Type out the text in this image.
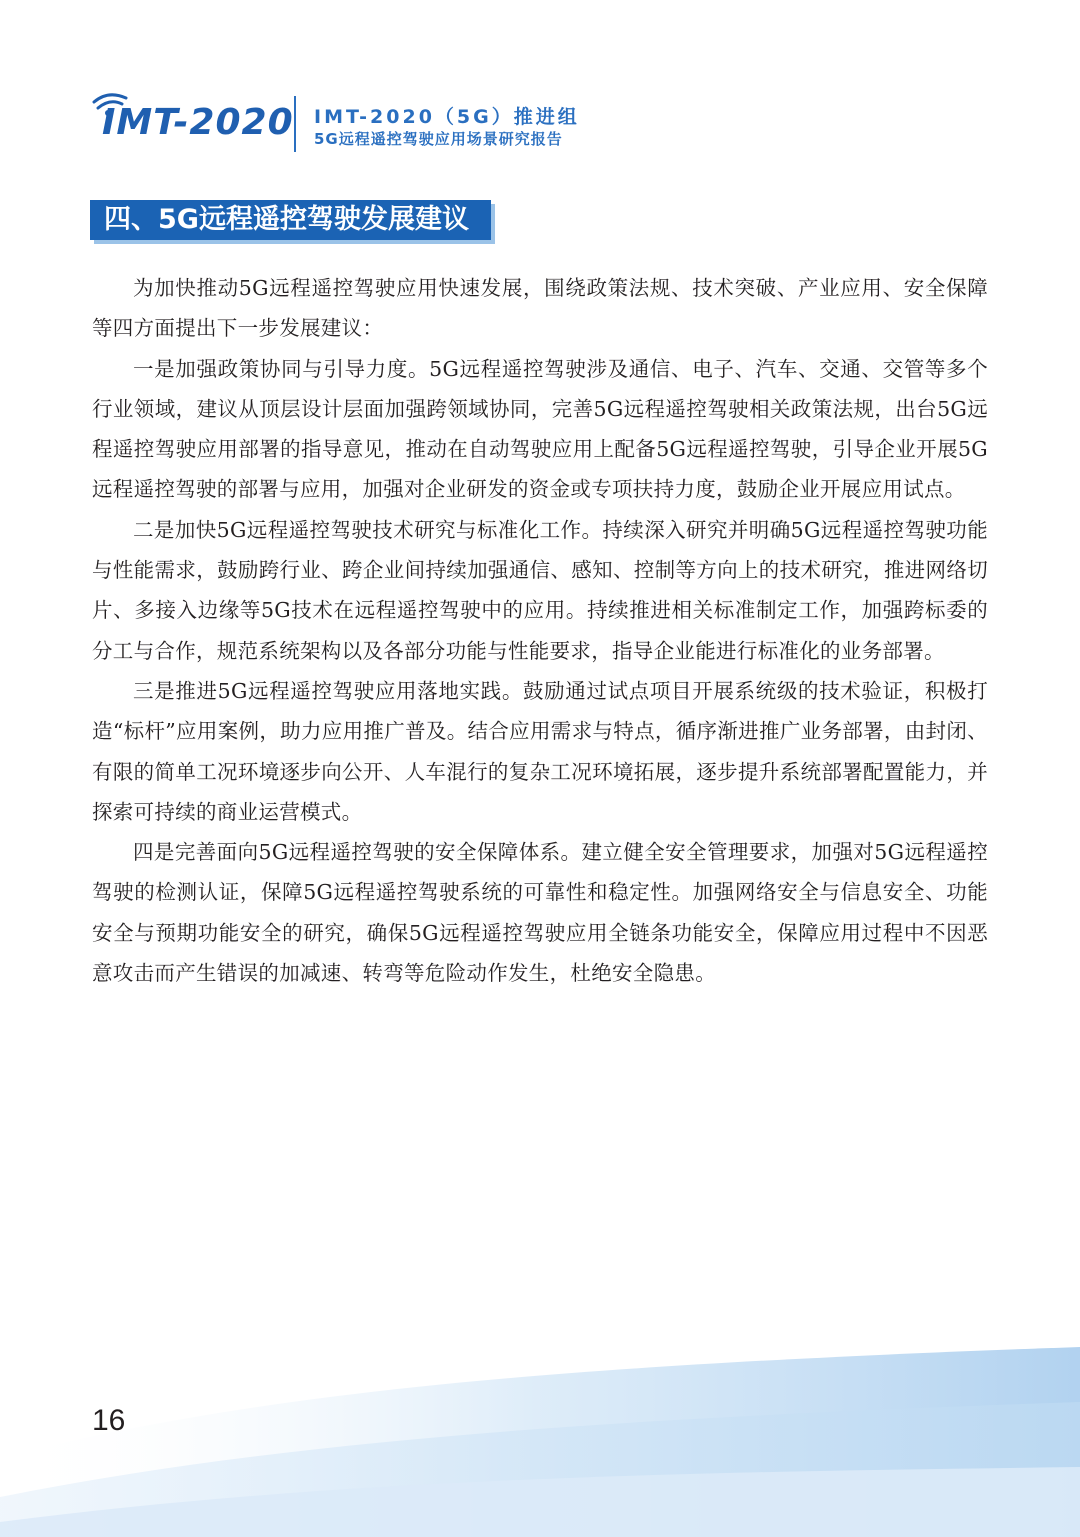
IMT-2020 IMT-2020（5G）推进组
5G远程遥控驾驶应用场景研究报告
四、5G远程遥控驾驶发展建议

为加快推动5G远程遥控驾驶应用快速发展，围绕政策法规、技术突破、产业应用、安全保障等四方面提出下一步发展建议：

一是加强政策协同与引导力度。5G远程遥控驾驶涉及通信、电子、汽车、交通、交管等多个行业领域，建议从顶层设计层面加强跨领域协同，完善5G远程遥控驾驶相关政策法规，出台5G远程遥控驾驶应用部署的指导意见，推动在自动驾驶应用上配备5G远程遥控驾驶，引导企业开展5G远程遥控驾驶的部署与应用，加强对企业研发的资金或专项扶持力度，鼓励企业开展应用试点。

二是加快5G远程遥控驾驶技术研究与标准化工作。持续深入研究并明确5G远程遥控驾驶功能与性能需求，鼓励跨行业、跨企业间持续加强通信、感知、控制等方向上的技术研究，推进网络切片、多接入边缘等5G技术在远程遥控驾驶中的应用。持续推进相关标准制定工作，加强跨标委的分工与合作，规范系统架构以及各部分功能与性能要求，指导企业能进行标准化的业务部署。

三是推进5G远程遥控驾驶应用落地实践。鼓励通过试点项目开展系统级的技术验证，积极打造“标杆”应用案例，助力应用推广普及。结合应用需求与特点，循序渐进推广业务部署，由封闭、有限的简单工况环境逐步向公开、人车混行的复杂工况环境拓展，逐步提升系统部署配置能力，并探索可持续的商业运营模式。

四是完善面向5G远程遥控驾驶的安全保障体系。建立健全安全管理要求，加强对5G远程遥控驾驶的检测认证，保障5G远程遥控驾驶系统的可靠性和稳定性。加强网络安全与信息安全、功能安全与预期功能安全的研究，确保5G远程遥控驾驶应用全链条功能安全，保障应用过程中不因恶意攻击而产生错误的加减速、转弯等危险动作发生，杜绝安全隐患。

16
